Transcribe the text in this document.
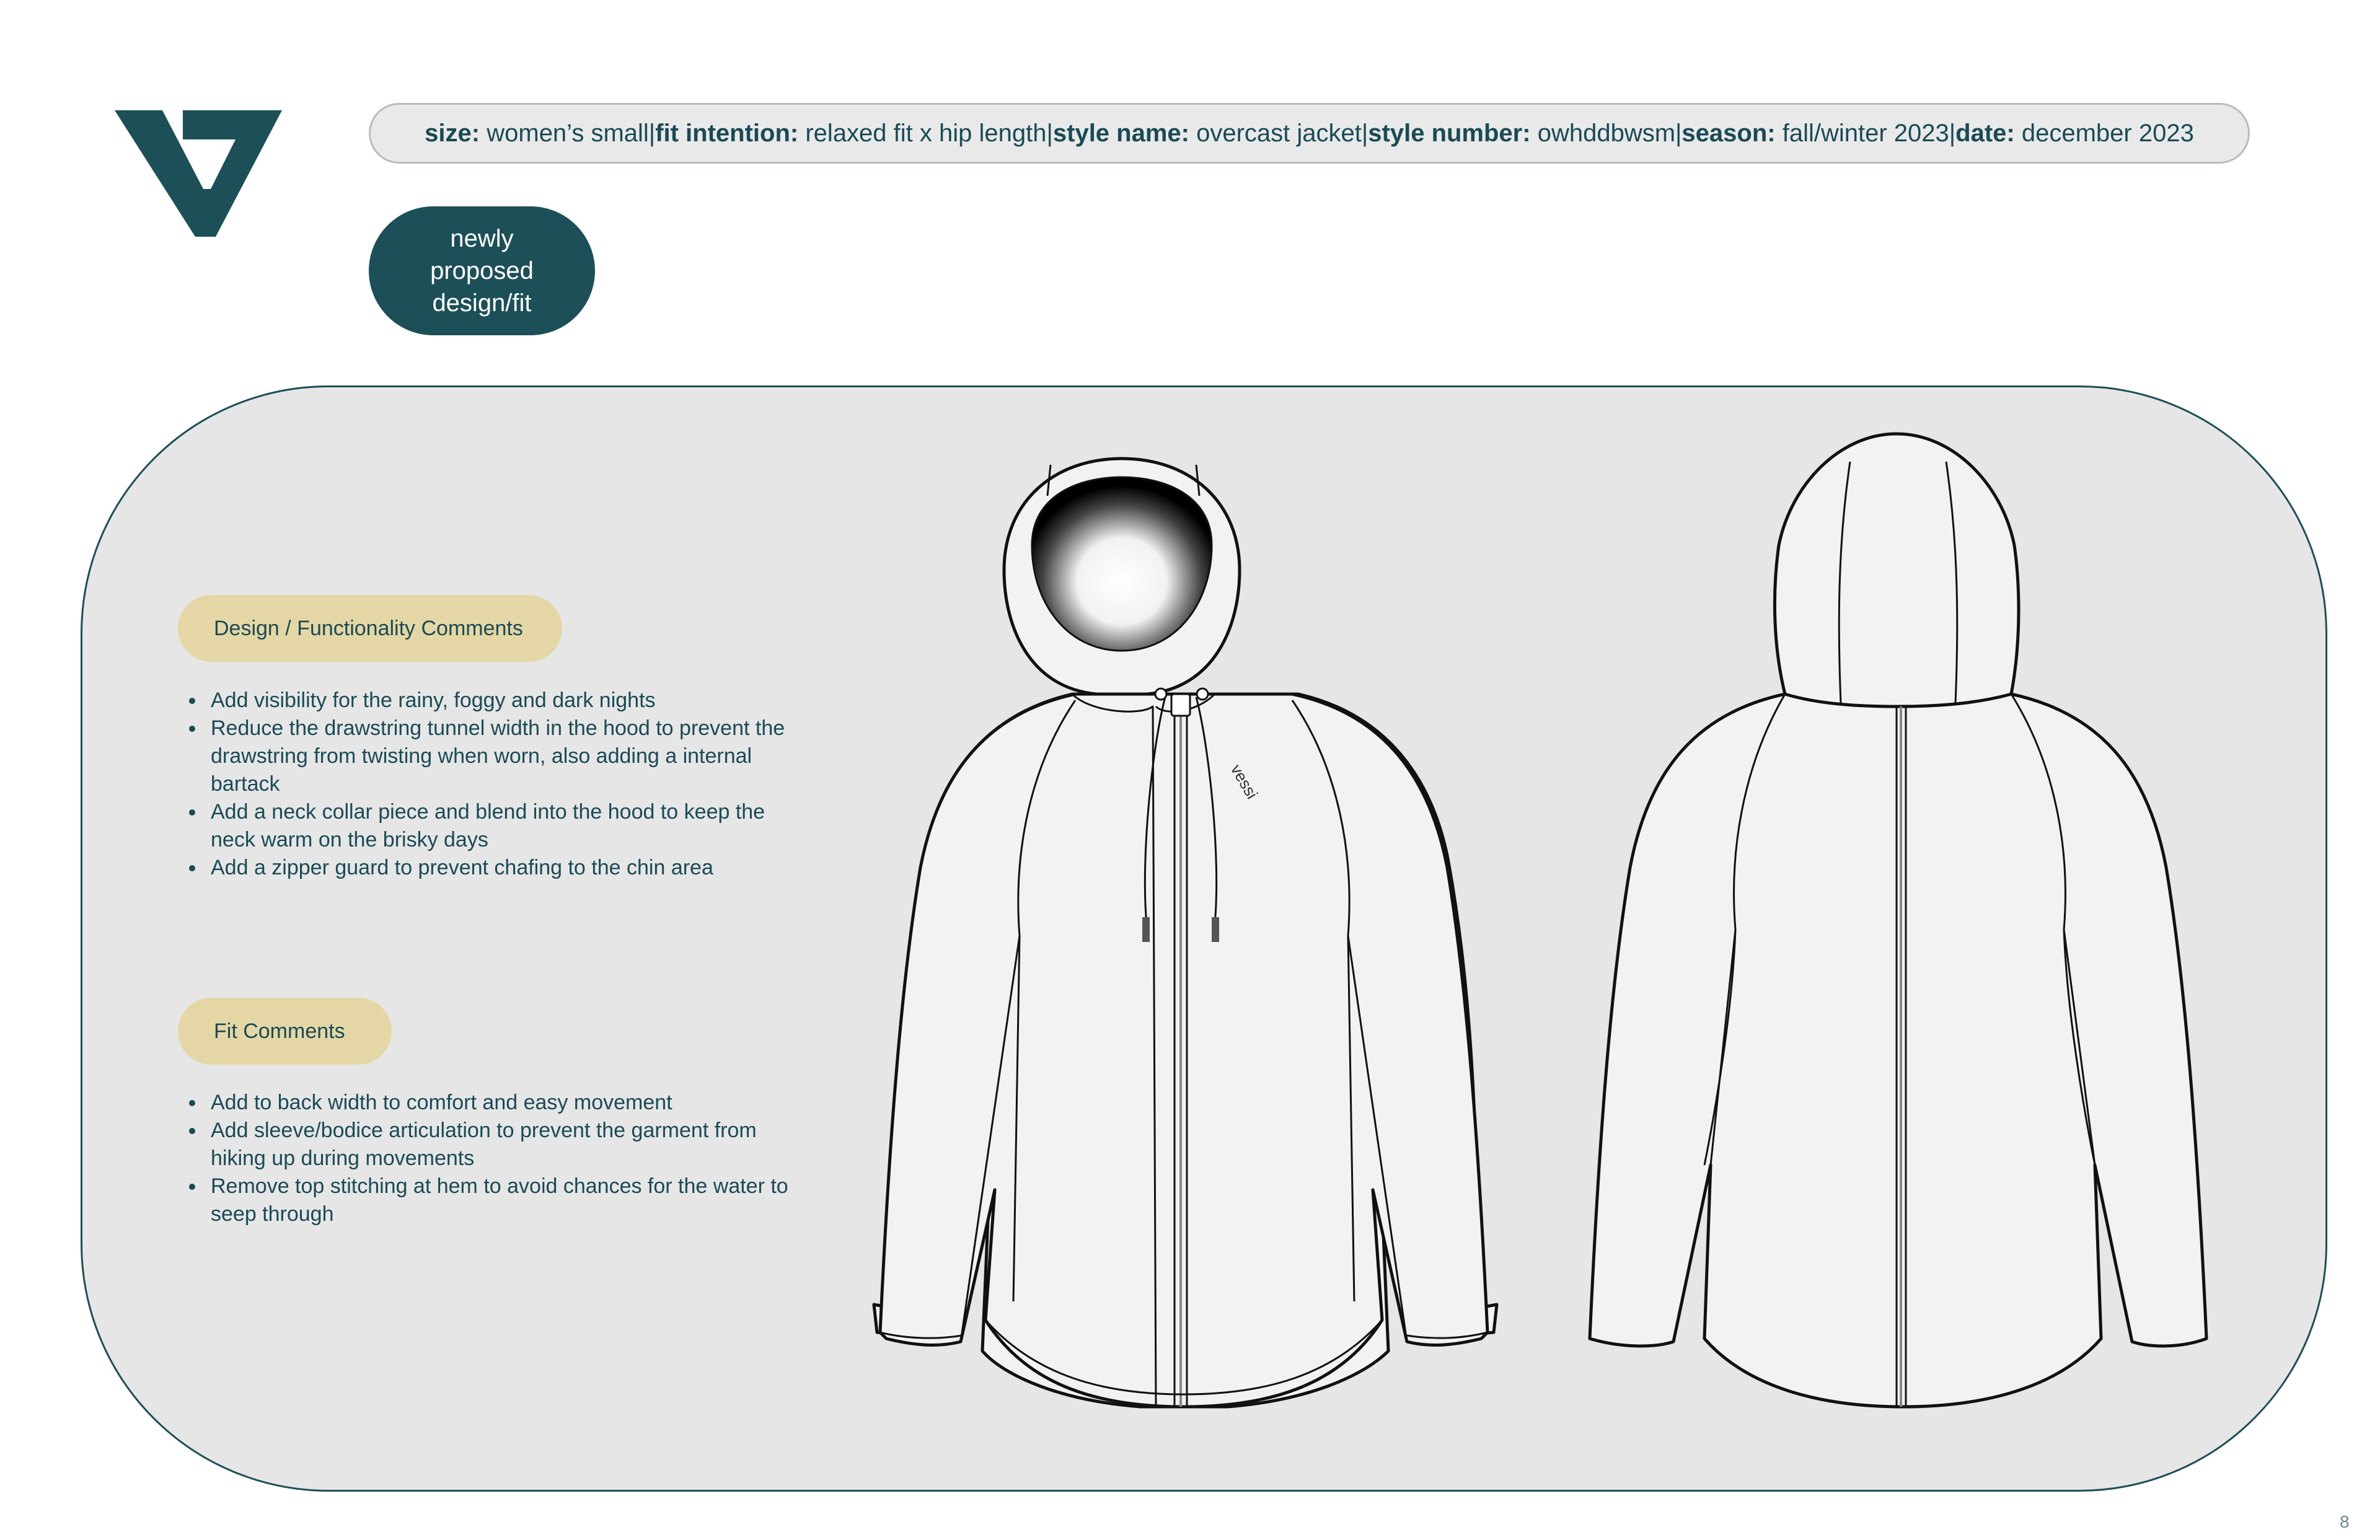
size:
women’s small | fit intention:
relaxed fit x hip length | style name:
overcast jacket | style number:
owhddbwsm | season:
fall/winter 2023 | date:
december 2023
newly
proposed
design/fit
Design / Functionality Comments
• Add visibility for the rainy, foggy and dark nights
• Reduce the drawstring tunnel width in the hood to prevent the drawstring from twisting when worn, also adding a internal bartack
• Add a neck collar piece and blend into the hood to keep the neck warm on the brisky days
• Add a zipper guard to prevent chafing to the chin area
Fit Comments
• Add to back width to comfort and easy movement
• Add sleeve/bodice articulation to prevent the garment from hiking up during movements
• Remove top stitching at hem to avoid chances for the water to seep through
vessi
8
